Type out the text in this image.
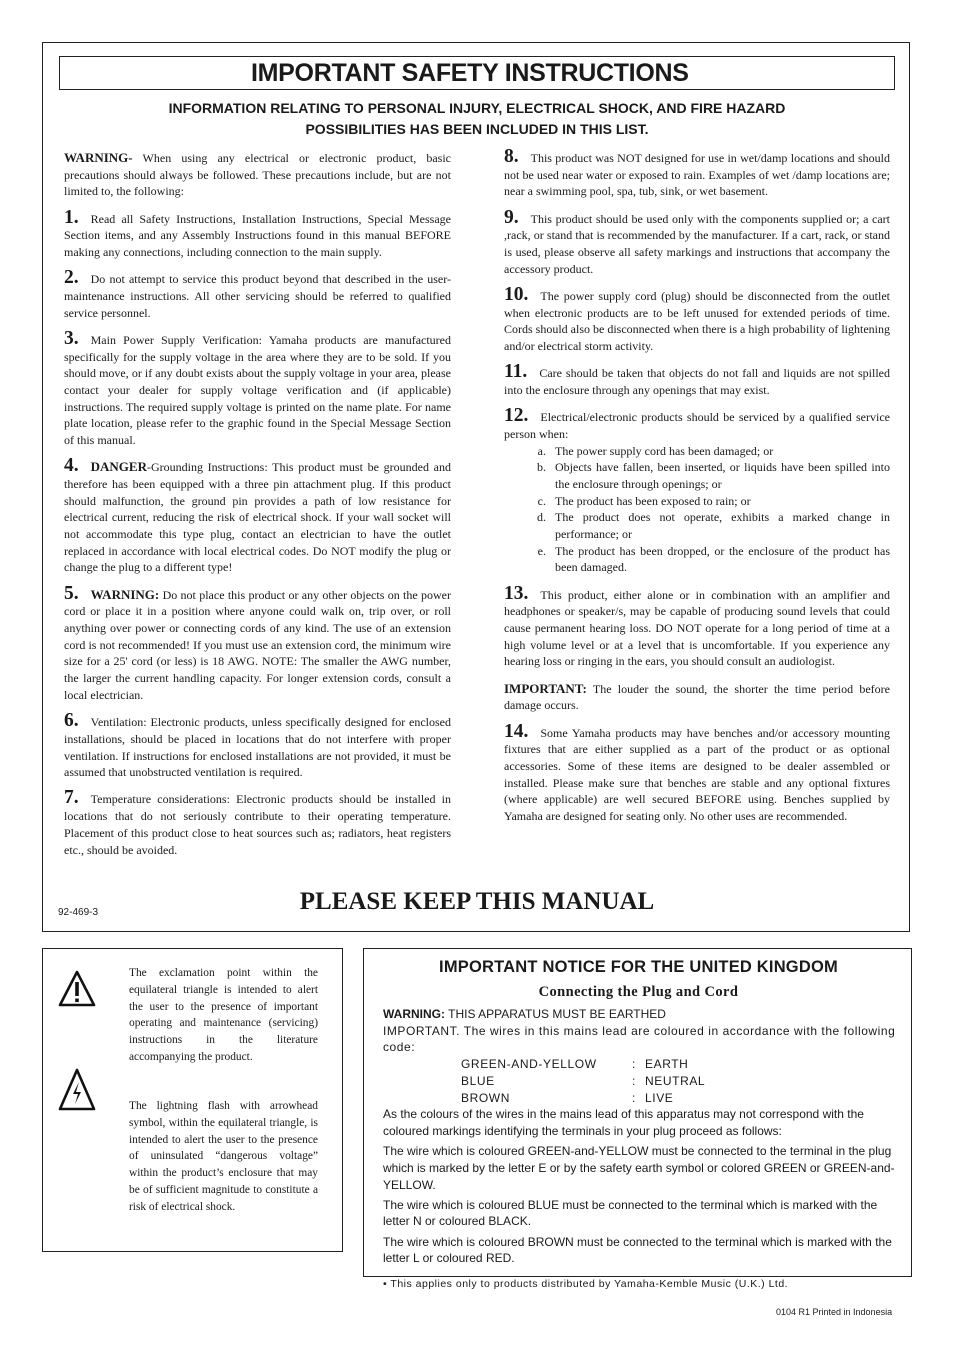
IMPORTANT SAFETY INSTRUCTIONS
INFORMATION RELATING TO PERSONAL INJURY, ELECTRICAL SHOCK, AND FIRE HAZARD
POSSIBILITIES HAS BEEN INCLUDED IN THIS LIST.

WARNING- When using any electrical or electronic product, basic precautions should always be followed. These precautions include, but are not limited to, the following:

1. Read all Safety Instructions, Installation Instructions, Special Message Section items, and any Assembly Instructions found in this manual BEFORE making any connections, including connection to the main supply.

2. Do not attempt to service this product beyond that described in the user-maintenance instructions. All other servicing should be referred to qualified service personnel.

3. Main Power Supply Verification: Yamaha products are manufactured specifically for the supply voltage in the area where they are to be sold. If you should move, or if any doubt exists about the supply voltage in your area, please contact your dealer for supply voltage verification and (if applicable) instructions. The required supply voltage is printed on the name plate. For name plate location, please refer to the graphic found in the Special Message Section of this manual.

4. DANGER-Grounding Instructions: This product must be grounded and therefore has been equipped with a three pin attachment plug. If this product should malfunction, the ground pin provides a path of low resistance for electrical current, reducing the risk of electrical shock. If your wall socket will not accommodate this type plug, contact an electrician to have the outlet replaced in accordance with local electrical codes. Do NOT modify the plug or change the plug to a different type!

5. WARNING: Do not place this product or any other objects on the power cord or place it in a position where anyone could walk on, trip over, or roll anything over power or connecting cords of any kind. The use of an extension cord is not recommended! If you must use an extension cord, the minimum wire size for a 25' cord (or less) is 18 AWG. NOTE: The smaller the AWG number, the larger the current handling capacity. For longer extension cords, consult a local electrician.

6. Ventilation: Electronic products, unless specifically designed for enclosed installations, should be placed in locations that do not interfere with proper ventilation. If instructions for enclosed installations are not provided, it must be assumed that unobstructed ventilation is required.

7. Temperature considerations: Electronic products should be installed in locations that do not seriously contribute to their operating temperature. Placement of this product close to heat sources such as; radiators, heat registers etc., should be avoided.

8. This product was NOT designed for use in wet/damp locations and should not be used near water or exposed to rain. Examples of wet /damp locations are; near a swimming pool, spa, tub, sink, or wet basement.

9. This product should be used only with the components supplied or; a cart ,rack, or stand that is recommended by the manufacturer. If a cart, rack, or stand is used, please observe all safety markings and instructions that accompany the accessory product.

10. The power supply cord (plug) should be disconnected from the outlet when electronic products are to be left unused for extended periods of time. Cords should also be disconnected when there is a high probability of lightening and/or electrical storm activity.

11. Care should be taken that objects do not fall and liquids are not spilled into the enclosure through any openings that may exist.

12. Electrical/electronic products should be serviced by a qualified service person when:
a. The power supply cord has been damaged; or
b. Objects have fallen, been inserted, or liquids have been spilled into the enclosure through openings; or
c. The product has been exposed to rain; or
d. The product does not operate, exhibits a marked change in performance; or
e. The product has been dropped, or the enclosure of the product has been damaged.

13. This product, either alone or in combination with an amplifier and headphones or speaker/s, may be capable of producing sound levels that could cause permanent hearing loss. DO NOT operate for a long period of time at a high volume level or at a level that is uncomfortable. If you experience any hearing loss or ringing in the ears, you should consult an audiologist.

IMPORTANT: The louder the sound, the shorter the time period before damage occurs.

14. Some Yamaha products may have benches and/or accessory mounting fixtures that are either supplied as a part of the product or as optional accessories. Some of these items are designed to be dealer assembled or installed. Please make sure that benches are stable and any optional fixtures (where applicable) are well secured BEFORE using. Benches supplied by Yamaha are designed for seating only. No other uses are recommended.

92-469-3	PLEASE KEEP THIS MANUAL
The exclamation point within the equilateral triangle is intended to alert the user to the presence of important operating and maintenance (servicing) instructions in the literature accompanying the product.
The lightning flash with arrowhead symbol, within the equilateral triangle, is intended to alert the user to the presence of uninsulated “dangerous voltage” within the product’s enclosure that may be of sufficient magnitude to constitute a risk of electrical shock.
IMPORTANT NOTICE FOR THE UNITED KINGDOM
Connecting the Plug and Cord

WARNING: THIS APPARATUS MUST BE EARTHED

IMPORTANT. The wires in this mains lead are coloured in accordance with the following code:

GREEN-AND-YELLOW	: EARTH
BLUE	: NEUTRAL
BROWN	: LIVE

As the colours of the wires in the mains lead of this apparatus may not correspond with the coloured markings identifying the terminals in your plug proceed as follows:

The wire which is coloured GREEN-and-YELLOW must be connected to the terminal in the plug which is marked by the letter E or by the safety earth symbol or colored GREEN or GREEN-and-YELLOW.

The wire which is coloured BLUE must be connected to the terminal which is marked with the letter N or coloured BLACK.

The wire which is coloured BROWN must be connected to the terminal which is marked with the letter L or coloured RED.

• This applies only to products distributed by Yamaha-Kemble Music (U.K.) Ltd.
0104 R1 Printed in Indonesia
